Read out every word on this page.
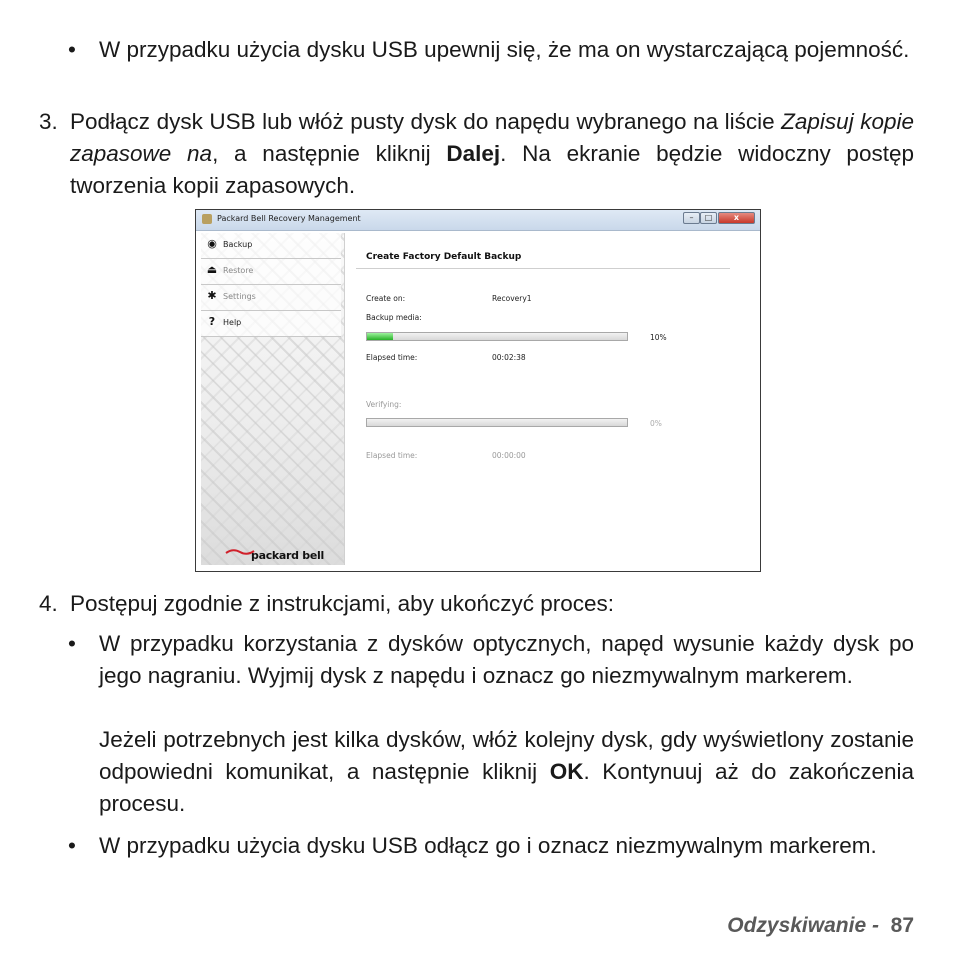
• W przypadku użycia dysku USB upewnij się, że ma on wystarczającą pojemność.
3. Podłącz dysk USB lub włóż pusty dysk do napędu wybranego na liście Zapisuj kopie zapasowe na, a następnie kliknij Dalej. Na ekranie będzie widoczny postęp tworzenia kopii zapasowych.
Packard Bell Recovery Management	–	□	x
◉ Backup
⏏ Restore
✱ Settings
? Help
packard bell
Create Factory Default Backup
Create on:	Recovery1
Backup media:
10%
Elapsed time:	00:02:38
Verifying:
0%
Elapsed time:	00:00:00
4. Postępuj zgodnie z instrukcjami, aby ukończyć proces:
• W przypadku korzystania z dysków optycznych, napęd wysunie każdy dysk po jego nagraniu. Wyjmij dysk z napędu i oznacz go niezmywalnym markerem.
Jeżeli potrzebnych jest kilka dysków, włóż kolejny dysk, gdy wyświetlony zostanie odpowiedni komunikat, a następnie kliknij OK. Kontynuuj aż do zakończenia procesu.
• W przypadku użycia dysku USB odłącz go i oznacz niezmywalnym markerem.
Odzyskiwanie -  87
